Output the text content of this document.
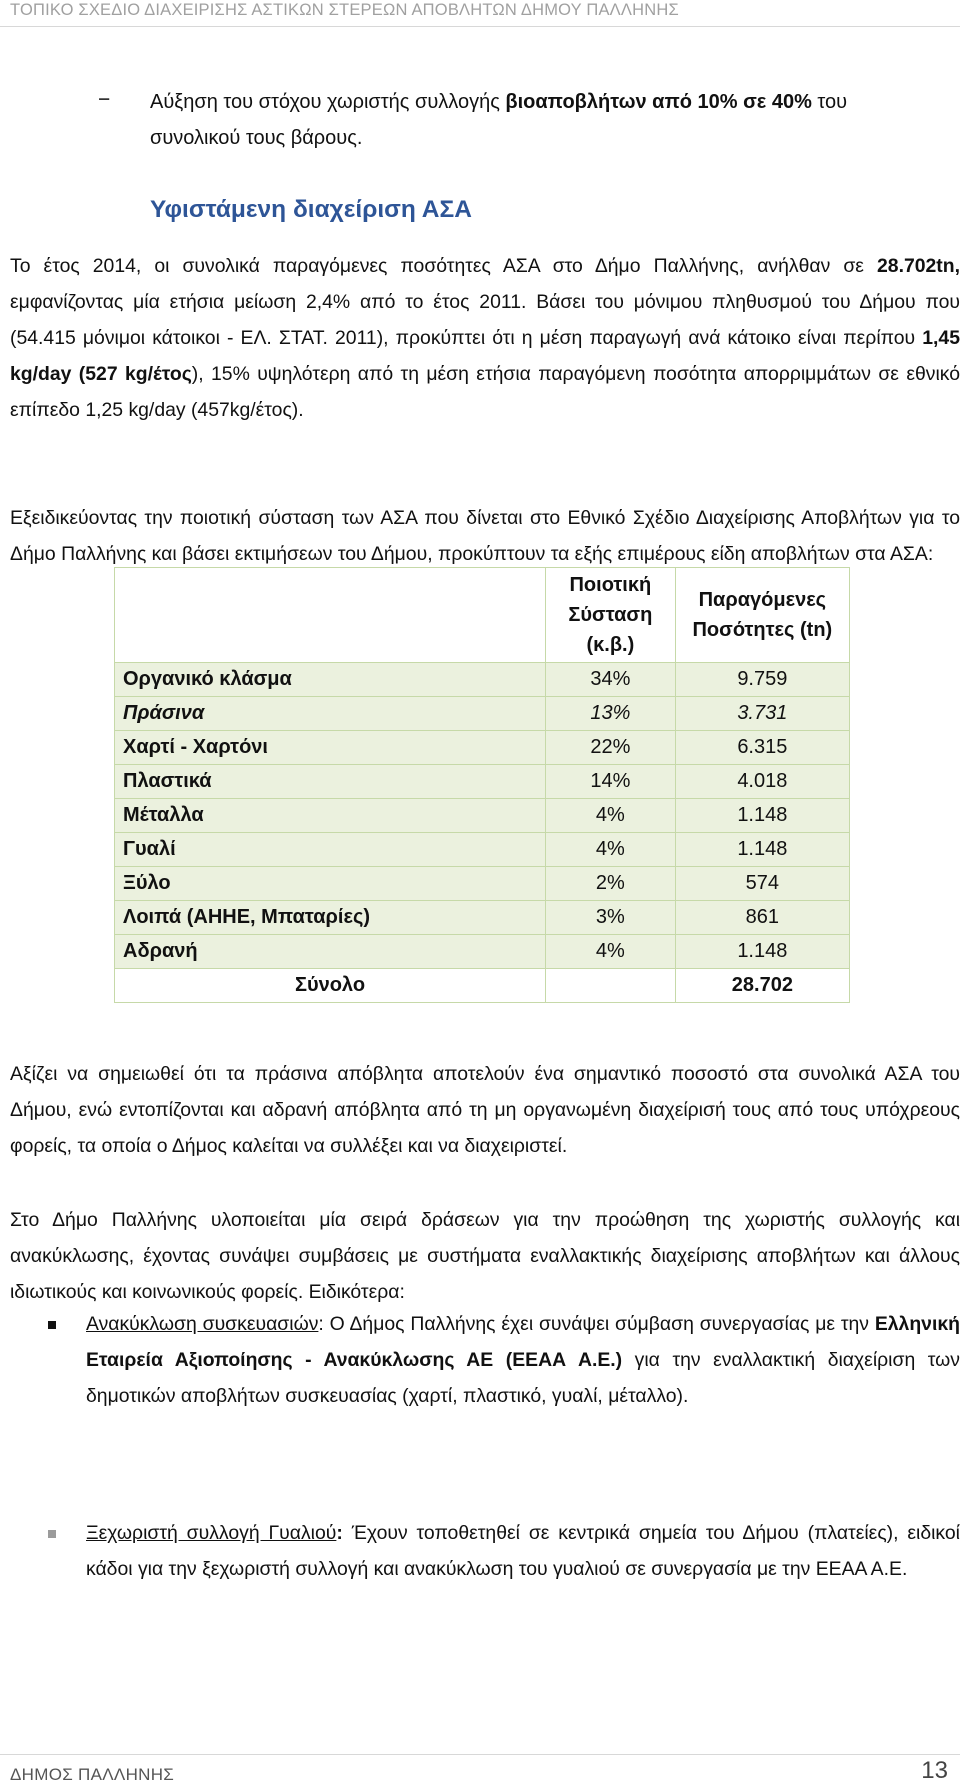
ΤΟΠΙΚΟ ΣΧΕΔΙΟ ΔΙΑΧΕΙΡΙΣΗΣ ΑΣΤΙΚΩΝ ΣΤΕΡΕΩΝ ΑΠΟΒΛΗΤΩΝ ΔΗΜΟΥ ΠΑΛΛΗΝΗΣ
− Αύξηση του στόχου χωριστής συλλογής βιοαποβλήτων από 10% σε 40% του συνολικού τους βάρους.
Υφιστάμενη διαχείριση ΑΣΑ
Το έτος 2014, οι συνολικά παραγόμενες ποσότητες ΑΣΑ στο Δήμο Παλλήνης, ανήλθαν σε 28.702tn, εμφανίζοντας μία ετήσια μείωση 2,4% από το έτος 2011. Βάσει του μόνιμου πληθυσμού του Δήμου που (54.415 μόνιμοι κάτοικοι - ΕΛ. ΣΤΑΤ. 2011), προκύπτει ότι η μέση παραγωγή ανά κάτοικο είναι περίπου 1,45 kg/day (527 kg/έτος), 15% υψηλότερη από τη μέση ετήσια παραγόμενη ποσότητα απορριμμάτων σε εθνικό επίπεδο 1,25 kg/day (457kg/έτος).
Εξειδικεύοντας την ποιοτική σύσταση των ΑΣΑ που δίνεται στο Εθνικό Σχέδιο Διαχείρισης Αποβλήτων για το Δήμο Παλλήνης και βάσει εκτιμήσεων του Δήμου, προκύπτουν τα εξής επιμέρους είδη αποβλήτων στα ΑΣΑ:
	Ποιοτική Σύσταση (κ.β.)	Παραγόμενες Ποσότητες (tn)
Οργανικό κλάσμα	34%	9.759
Πράσινα	13%	3.731
Χαρτί - Χαρτόνι	22%	6.315
Πλαστικά	14%	4.018
Μέταλλα	4%	1.148
Γυαλί	4%	1.148
Ξύλο	2%	574
Λοιπά (ΑΗΗΕ, Μπαταρίες)	3%	861
Αδρανή	4%	1.148
Σύνολο		28.702
Αξίζει να σημειωθεί ότι τα πράσινα απόβλητα αποτελούν ένα σημαντικό ποσοστό στα συνολικά ΑΣΑ του Δήμου, ενώ εντοπίζονται και αδρανή απόβλητα από τη μη οργανωμένη διαχείρισή τους από τους υπόχρεους φορείς, τα οποία ο Δήμος καλείται να συλλέξει και να διαχειριστεί.
Στο Δήμο Παλλήνης υλοποιείται μία σειρά δράσεων για την προώθηση της χωριστής συλλογής και ανακύκλωσης, έχοντας συνάψει συμβάσεις με συστήματα εναλλακτικής διαχείρισης αποβλήτων και άλλους ιδιωτικούς και κοινωνικούς φορείς. Ειδικότερα:
Ανακύκλωση συσκευασιών: Ο Δήμος Παλλήνης έχει συνάψει σύμβαση συνεργασίας με την Ελληνική Εταιρεία Αξιοποίησης - Ανακύκλωσης ΑΕ (ΕΕΑΑ Α.Ε.) για την εναλλακτική διαχείριση των δημοτικών αποβλήτων συσκευασίας (χαρτί, πλαστικό, γυαλί, μέταλλο).
Ξεχωριστή συλλογή Γυαλιού: Έχουν τοποθετηθεί σε κεντρικά σημεία του Δήμου (πλατείες), ειδικοί κάδοι για την ξεχωριστή συλλογή και ανακύκλωση του γυαλιού σε συνεργασία με την ΕΕΑΑ Α.Ε.
ΔΗΜΟΣ ΠΑΛΛΗΝΗΣ	13
